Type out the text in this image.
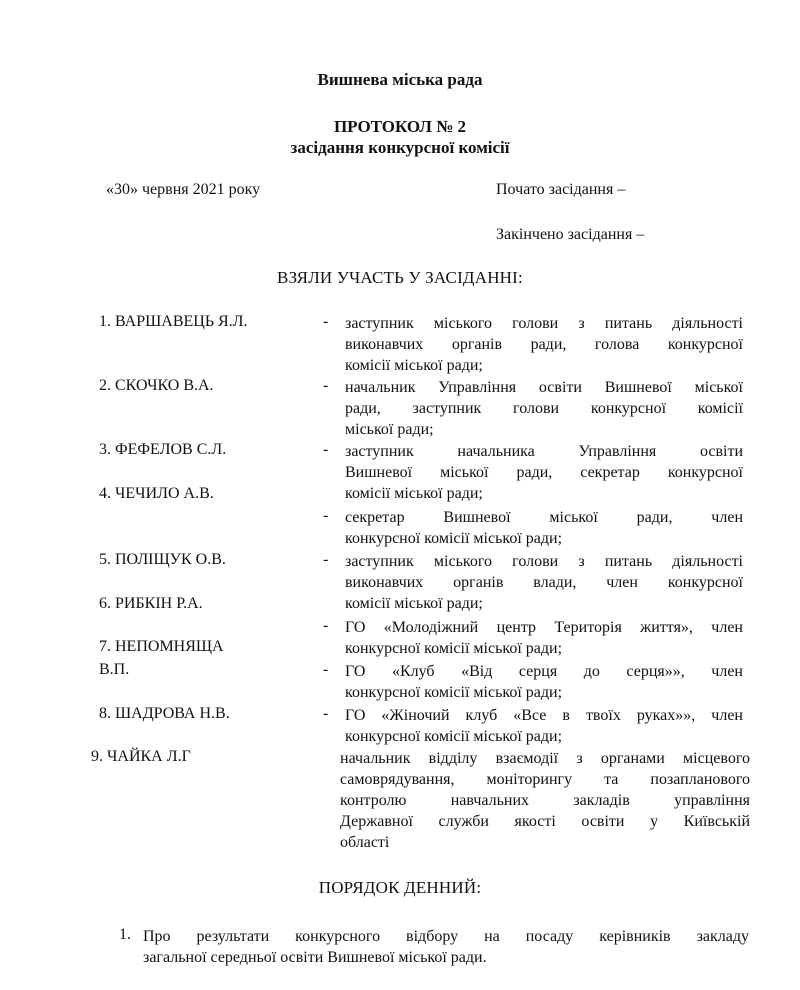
Вишнева міська рада
ПРОТОКОЛ № 2
засідання конкурсної комісії
«30» червня 2021 року	Почато засідання –
Закінчено засідання –
ВЗЯЛИ УЧАСТЬ У ЗАСІДАННІ:
1. ВАРШАВЕЦЬ Я.Л.
2. СКОЧКО В.А.
3. ФЕФЕЛОВ С.Л.
4. ЧЕЧИЛО А.В.
5. ПОЛІЩУК О.В.
6. РИБКІН Р.А.
7. НЕПОМНЯЩА
В.П.
8. ШАДРОВА Н.В.
9. ЧАЙКА Л.Г
-
-
-
-
-
-
-
-
заступник міського голови з питань діяльності
виконавчих органів ради, голова конкурсної
комісії міської ради;
начальник Управління освіти Вишневої міської
ради, заступник голови конкурсної комісії
міської ради;
заступник начальника Управління освіти
Вишневої міської ради, секретар конкурсної
комісії міської ради;
секретар Вишневої міської ради, член
конкурсної комісії міської ради;
заступник міського голови з питань діяльності
виконавчих органів влади, член конкурсної
комісії міської ради;
ГО «Молодіжний центр Територія життя», член
конкурсної комісії міської ради;
ГО «Клуб «Від серця до серця»», член
конкурсної комісії міської ради;
ГО «Жіночий клуб «Все в твоїх руках»», член
конкурсної комісії міської ради;
начальник відділу взаємодії з органами місцевого
самоврядування, моніторингу та позапланового
контролю навчальних закладів управління
Державної служби якості освіти у Київській
області
ПОРЯДОК ДЕННИЙ:
1. Про результати конкурсного відбору на посаду керівників закладу
загальної середньої освіти Вишневої міської ради.
